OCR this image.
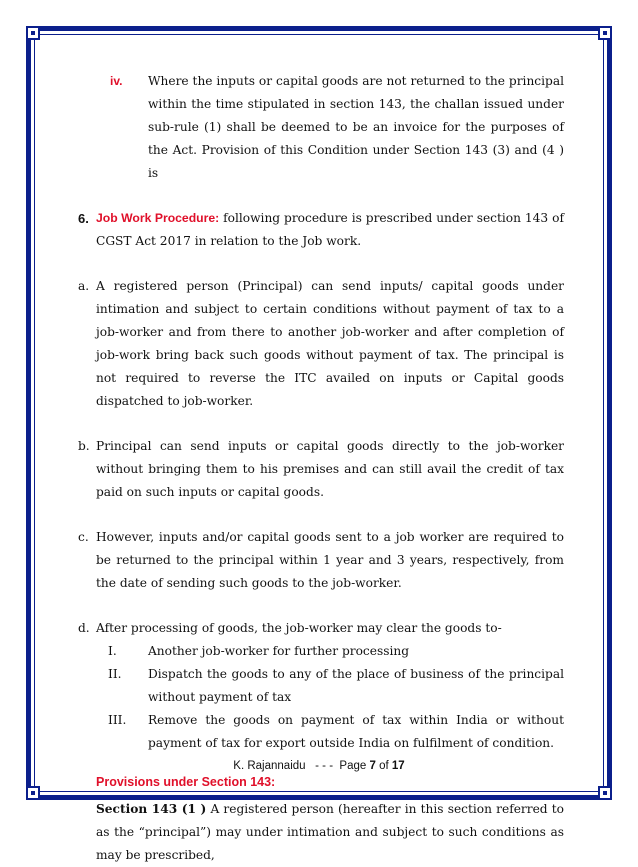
iv.	Where the inputs or capital goods are not returned to the principal within the time stipulated in section 143, the challan issued under sub-rule (1) shall be deemed to be an invoice for the purposes of the Act. Provision of this Condition under Section 143 (3) and (4 ) is
6. Job Work Procedure: following procedure is prescribed under section 143 of CGST Act 2017 in relation to the Job work.
a. A registered person (Principal) can send inputs/ capital goods under intimation and subject to certain conditions without payment of tax to a job-worker and from there to another job-worker and after completion of job-work bring back such goods without payment of tax. The principal is not required to reverse the ITC availed on inputs or Capital goods dispatched to job-worker.
b. Principal can send inputs or capital goods directly to the job-worker without bringing them to his premises and can still avail the credit of tax paid on such inputs or capital goods.
c. However, inputs and/or capital goods sent to a job worker are required to be returned to the principal within 1 year and 3 years, respectively, from the date of sending such goods to the job-worker.
d. After processing of goods, the job-worker may clear the goods to-
I.	Another job-worker for further processing
II.	Dispatch the goods to any of the place of business of the principal without payment of tax
III.	Remove the goods on payment of tax within India or without payment of tax for export outside India on fulfilment of condition.
Provisions under Section 143:
Section 143 (1 ) A registered person (hereafter in this section referred to as the “principal”) may under intimation and subject to such conditions as may be prescribed,
K. Rajannaidu - - - Page 7 of 17
